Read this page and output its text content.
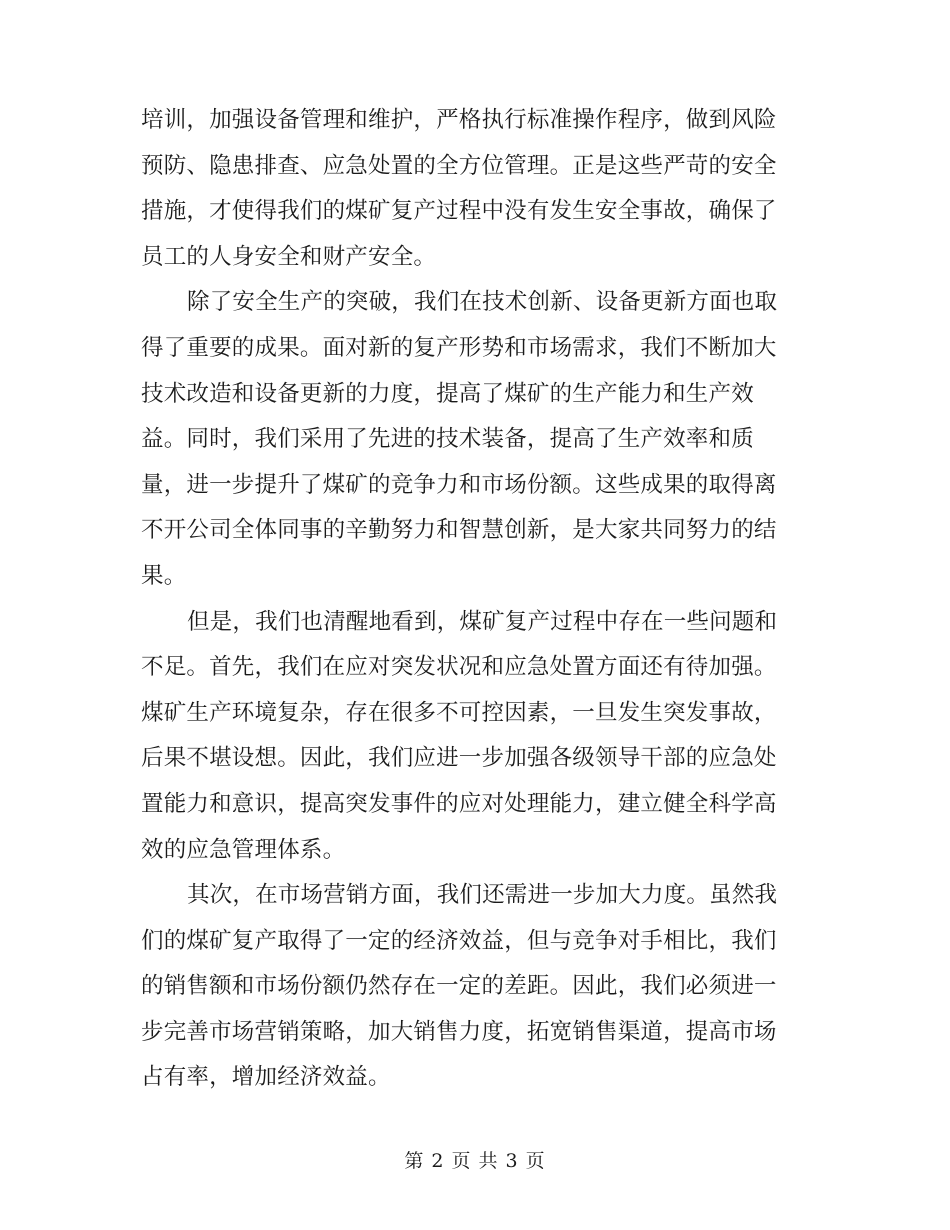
培训，加强设备管理和维护，严格执行标准操作程序，做到风险
预防、隐患排查、应急处置的全方位管理。正是这些严苛的安全
措施，才使得我们的煤矿复产过程中没有发生安全事故，确保了
员工的人身安全和财产安全。
除了安全生产的突破，我们在技术创新、设备更新方面也取
得了重要的成果。面对新的复产形势和市场需求，我们不断加大
技术改造和设备更新的力度，提高了煤矿的生产能力和生产效
益。同时，我们采用了先进的技术装备，提高了生产效率和质
量，进一步提升了煤矿的竞争力和市场份额。这些成果的取得离
不开公司全体同事的辛勤努力和智慧创新，是大家共同努力的结
果。
但是，我们也清醒地看到，煤矿复产过程中存在一些问题和
不足。首先，我们在应对突发状况和应急处置方面还有待加强。
煤矿生产环境复杂，存在很多不可控因素，一旦发生突发事故，
后果不堪设想。因此，我们应进一步加强各级领导干部的应急处
置能力和意识，提高突发事件的应对处理能力，建立健全科学高
效的应急管理体系。
其次，在市场营销方面，我们还需进一步加大力度。虽然我
们的煤矿复产取得了一定的经济效益，但与竞争对手相比，我们
的销售额和市场份额仍然存在一定的差距。因此，我们必须进一
步完善市场营销策略，加大销售力度，拓宽销售渠道，提高市场
占有率，增加经济效益。
第 2 页 共 3 页
